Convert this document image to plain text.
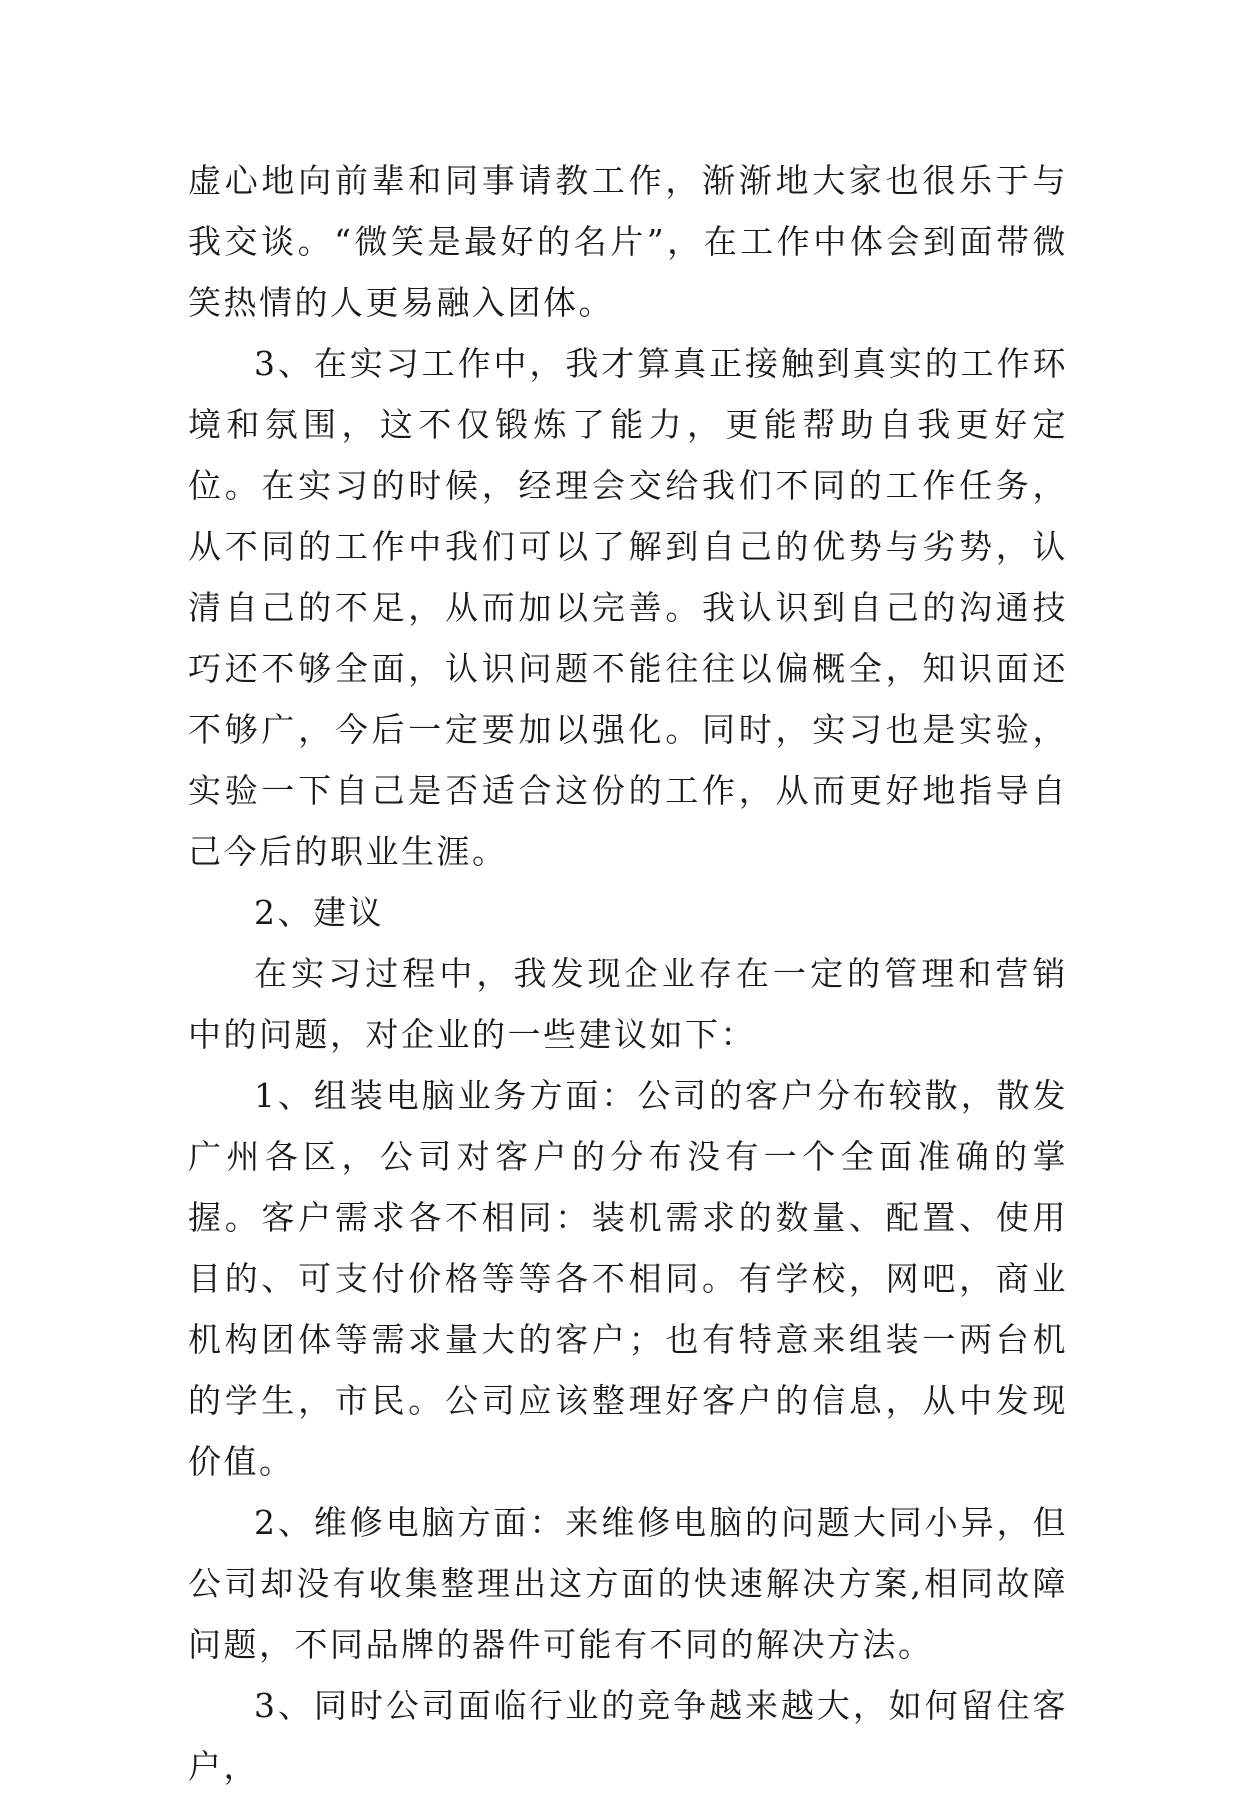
虚心地向前辈和同事请教工作，渐渐地大家也很乐于与我交谈。“微笑是最好的名片”，在工作中体会到面带微笑热情的人更易融入团体。

3、在实习工作中，我才算真正接触到真实的工作环境和氛围，这不仅锻炼了能力，更能帮助自我更好定位。在实习的时候，经理会交给我们不同的工作任务，从不同的工作中我们可以了解到自己的优势与劣势，认清自己的不足，从而加以完善。我认识到自己的沟通技巧还不够全面，认识问题不能往往以偏概全，知识面还不够广，今后一定要加以强化。同时，实习也是实验，实验一下自己是否适合这份的工作，从而更好地指导自己今后的职业生涯。

2、建议

在实习过程中，我发现企业存在一定的管理和营销中的问题，对企业的一些建议如下：

1、组装电脑业务方面：公司的客户分布较散，散发广州各区，公司对客户的分布没有一个全面准确的掌握。客户需求各不相同：装机需求的数量、配置、使用目的、可支付价格等等各不相同。有学校，网吧，商业机构团体等需求量大的客户；也有特意来组装一两台机的学生，市民。公司应该整理好客户的信息，从中发现价值。

2、维修电脑方面：来维修电脑的问题大同小异，但公司却没有收集整理出这方面的快速解决方案,相同故障问题，不同品牌的器件可能有不同的解决方法。

3、同时公司面临行业的竞争越来越大，如何留住客户，
